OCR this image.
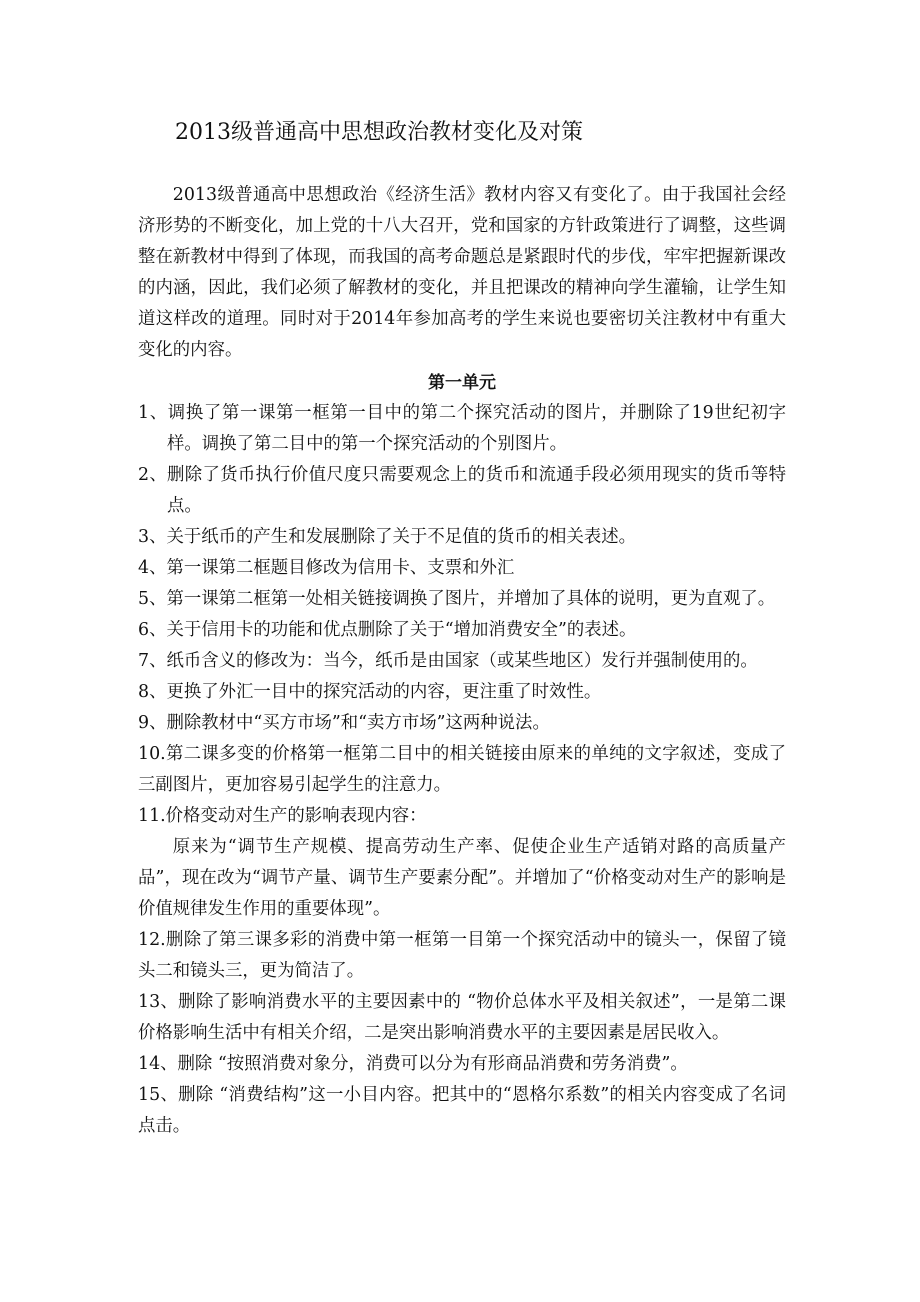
2013级普通高中思想政治教材变化及对策

2013级普通高中思想政治《经济生活》教材内容又有变化了。由于我国社会经济形势的不断变化，加上党的十八大召开，党和国家的方针政策进行了调整，这些调整在新教材中得到了体现，而我国的高考命题总是紧跟时代的步伐，牢牢把握新课改的内涵，因此，我们必须了解教材的变化，并且把课改的精神向学生灌输，让学生知道这样改的道理。同时对于2014年参加高考的学生来说也要密切关注教材中有重大变化的内容。

第一单元

1、调换了第一课第一框第一目中的第二个探究活动的图片，并删除了19世纪初字样。调换了第二目中的第一个探究活动的个别图片。

2、删除了货币执行价值尺度只需要观念上的货币和流通手段必须用现实的货币等特点。

3、关于纸币的产生和发展删除了关于不足值的货币的相关表述。

4、第一课第二框题目修改为信用卡、支票和外汇

5、第一课第二框第一处相关链接调换了图片，并增加了具体的说明，更为直观了。

6、关于信用卡的功能和优点删除了关于“增加消费安全”的表述。

7、纸币含义的修改为：当今，纸币是由国家（或某些地区）发行并强制使用的。

8、更换了外汇一目中的探究活动的内容，更注重了时效性。

9、删除教材中“买方市场”和“卖方市场”这两种说法。

10.第二课多变的价格第一框第二目中的相关链接由原来的单纯的文字叙述，变成了三副图片，更加容易引起学生的注意力。

11.价格变动对生产的影响表现内容：

原来为“调节生产规模、提高劳动生产率、促使企业生产适销对路的高质量产品”，现在改为“调节产量、调节生产要素分配”。并增加了“价格变动对生产的影响是价值规律发生作用的重要体现”。

12.删除了第三课多彩的消费中第一框第一目第一个探究活动中的镜头一，保留了镜头二和镜头三，更为简洁了。

13、删除了影响消费水平的主要因素中的 “物价总体水平及相关叙述”，一是第二课价格影响生活中有相关介绍，二是突出影响消费水平的主要因素是居民收入。

14、删除 “按照消费对象分，消费可以分为有形商品消费和劳务消费”。

15、删除 “消费结构”这一小目内容。把其中的“恩格尔系数”的相关内容变成了名词点击。
